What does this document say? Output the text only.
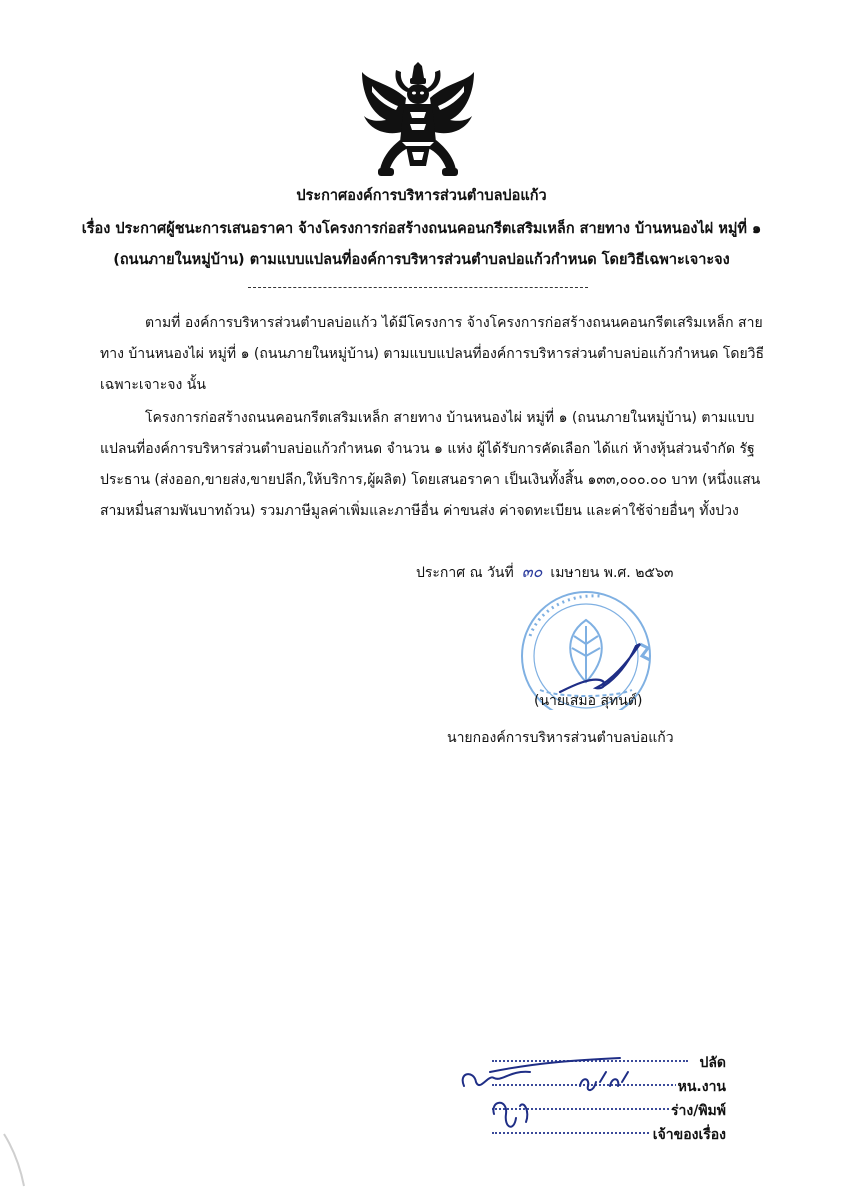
ประกาศองค์การบริหารส่วนตำบลบ่อแก้ว
เรื่อง ประกาศผู้ชนะการเสนอราคา จ้างโครงการก่อสร้างถนนคอนกรีตเสริมเหล็ก สายทาง บ้านหนองไผ่ หมู่ที่ ๑
(ถนนภายในหมู่บ้าน) ตามแบบแปลนที่องค์การบริหารส่วนตำบลบ่อแก้วกำหนด โดยวิธีเฉพาะเจาะจง
ตามที่ องค์การบริหารส่วนตำบลบ่อแก้ว ได้มีโครงการ จ้างโครงการก่อสร้างถนนคอนกรีตเสริมเหล็ก สาย
ทาง บ้านหนองไผ่ หมู่ที่ ๑ (ถนนภายในหมู่บ้าน) ตามแบบแปลนที่องค์การบริหารส่วนตำบลบ่อแก้วกำหนด โดยวิธี
เฉพาะเจาะจง นั้น
โครงการก่อสร้างถนนคอนกรีตเสริมเหล็ก สายทาง บ้านหนองไผ่ หมู่ที่ ๑ (ถนนภายในหมู่บ้าน) ตามแบบ
แปลนที่องค์การบริหารส่วนตำบลบ่อแก้วกำหนด จำนวน ๑ แห่ง ผู้ได้รับการคัดเลือก ได้แก่ ห้างหุ้นส่วนจำกัด รัฐ
ประธาน (ส่งออก,ขายส่ง,ขายปลีก,ให้บริการ,ผู้ผลิต) โดยเสนอราคา เป็นเงินทั้งสิ้น ๑๓๓,๐๐๐.๐๐ บาท (หนึ่งแสน
สามหมื่นสามพันบาทถ้วน) รวมภาษีมูลค่าเพิ่มและภาษีอื่น ค่าขนส่ง ค่าจดทะเบียน และค่าใช้จ่ายอื่นๆ ทั้งปวง
ประกาศ ณ วันที่ ๓๐ เมษายน พ.ศ. ๒๕๖๓
(นายเสมอ สุทนต์)
นายกองค์การบริหารส่วนตำบลบ่อแก้ว
ปลัด
หน.งาน
ร่าง/พิมพ์
เจ้าของเรื่อง
